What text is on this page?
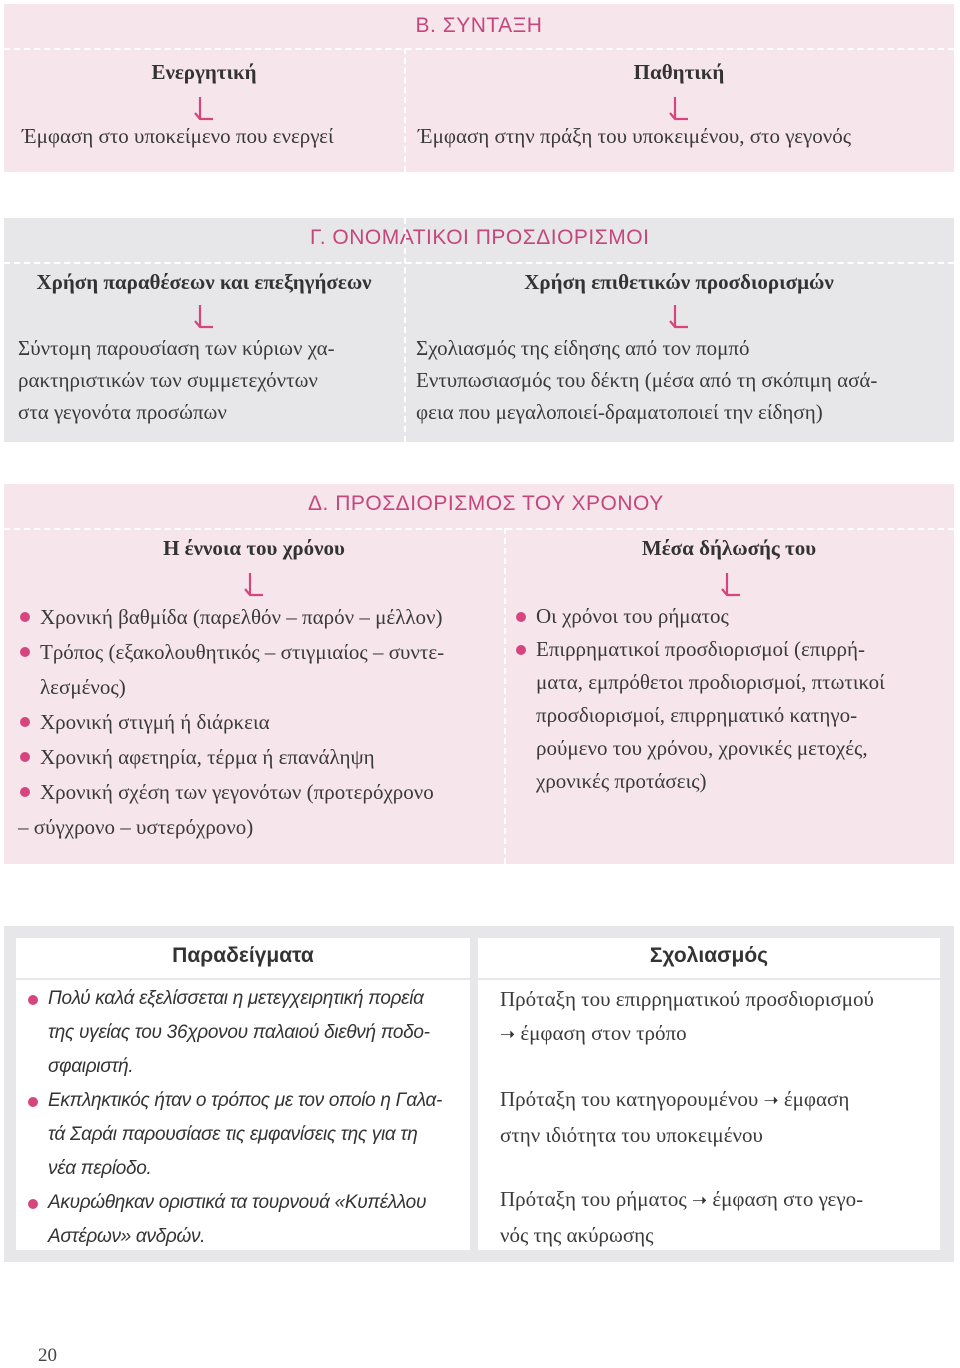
Β. ΣΥΝΤΑΞΗ
Ενεργητική
Έμφαση στο υποκείμενο που ενεργεί
Παθητική
Έμφαση στην πράξη του υποκειμένου, στο γεγονός
Γ. ΟΝΟΜΑΤΙΚΟΙ ΠΡΟΣΔΙΟΡΙΣΜΟΙ
Χρήση παραθέσεων και επεξηγήσεων
Σύντομη παρουσίαση των κύριων χα-
ρακτηριστικών των συμμετεχόντων
στα γεγονότα προσώπων
Χρήση επιθετικών προσδιορισμών
Σχολιασμός της είδησης από τον πομπό
Εντυπωσιασμός του δέκτη (μέσα από τη σκόπιμη ασά-
φεια που μεγαλοποιεί-δραματοποιεί την είδηση)
Δ. ΠΡΟΣΔΙΟΡΙΣΜΟΣ ΤΟΥ ΧΡΟΝΟΥ
Η έννοια του χρόνου
Χρονική βαθμίδα (παρελθόν – παρόν – μέλλον)
Τρόπος (εξακολουθητικός – στιγμιαίος – συντε-
λεσμένος)
Χρονική στιγμή ή διάρκεια
Χρονική αφετηρία, τέρμα ή επανάληψη
Χρονική σχέση των γεγονότων (προτερόχρονο
– σύγχρονο – υστερόχρονο)
Μέσα δήλωσής του
Οι χρόνοι του ρήματος
Επιρρηματικοί προσδιορισμοί (επιρρή-
ματα, εμπρόθετοι προδιορισμοί, πτωτικοί
προσδιορισμοί, επιρρηματικό κατηγο-
ρούμενο του χρόνου, χρονικές μετοχές,
χρονικές προτάσεις)
Παραδείγματα	Σχολιασμός
Πολύ καλά εξελίσσεται η μετεγχειρητική πορεία
της υγείας του 36χρονου παλαιού διεθνή ποδο-
σφαιριστή.
Εκπληκτικός ήταν ο τρόπος με τον οποίο η Γαλα-
τά Σαράι παρουσίασε τις εμφανίσεις της για τη
νέα περίοδο.
Ακυρώθηκαν οριστικά τα τουρνουά «Κυπέλλου
Αστέρων» ανδρών.
Πρόταξη του επιρρηματικού προσδιορισμού
➝ έμφαση στον τρόπο
Πρόταξη του κατηγορουμένου ➝ έμφαση
στην ιδιότητα του υποκειμένου
Πρόταξη του ρήματος ➝ έμφαση στο γεγο-
νός της ακύρωσης
20
